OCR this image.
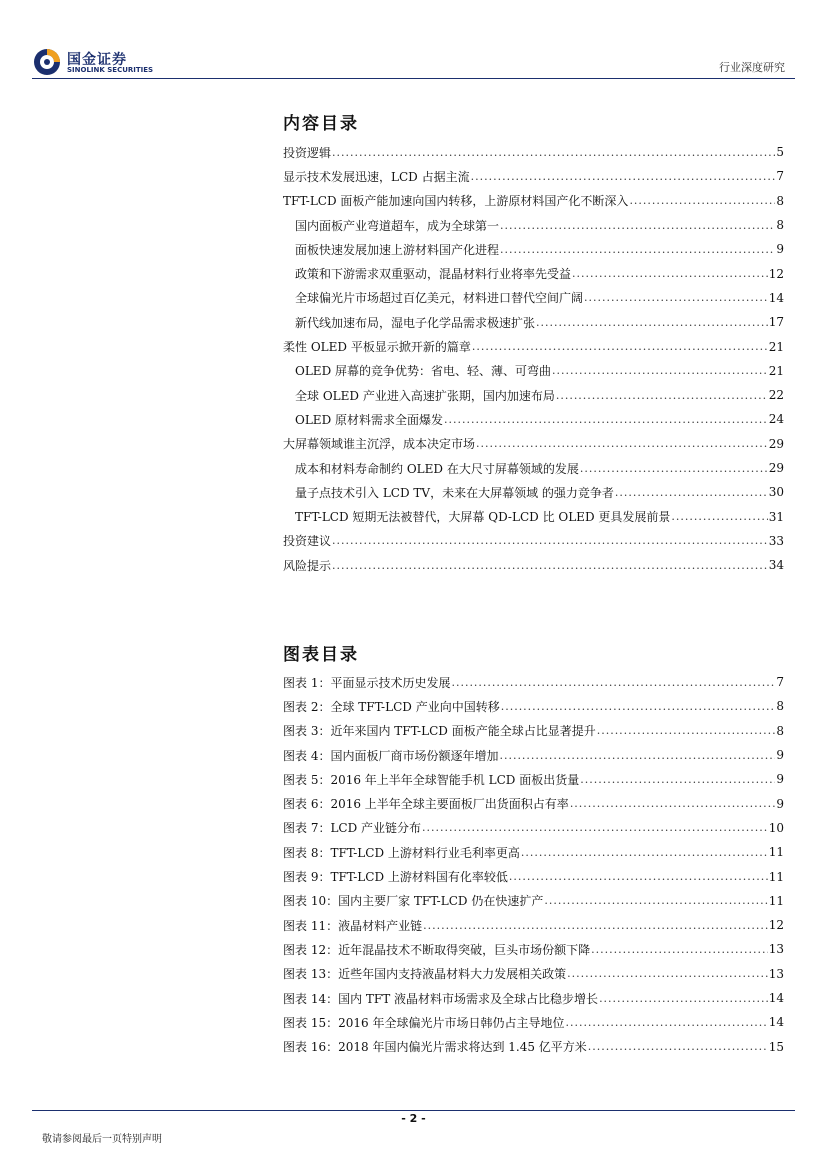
国金证券
SINOLINK SECURITIES	行业深度研究
内容目录
投资逻辑 .....	5
显示技术发展迅速，LCD 占据主流 .....	7
TFT-LCD 面板产能加速向国内转移，上游原材料国产化不断深入 .....	8
国内面板产业弯道超车，成为全球第一 .....	8
面板快速发展加速上游材料国产化进程 .....	9
政策和下游需求双重驱动，混晶材料行业将率先受益 .....	12
全球偏光片市场超过百亿美元，材料进口替代空间广阔 .....	14
新代线加速布局，湿电子化学品需求极速扩张 .....	17
柔性 OLED 平板显示掀开新的篇章 .....	21
OLED 屏幕的竞争优势：省电、轻、薄、可弯曲 .....	21
全球 OLED 产业进入高速扩张期，国内加速布局 .....	22
OLED 原材料需求全面爆发 .....	24
大屏幕领域谁主沉浮，成本决定市场 .....	29
成本和材料寿命制约 OLED 在大尺寸屏幕领域的发展 .....	29
量子点技术引入 LCD TV，未来在大屏幕领域 的强力竞争者 .....	30
TFT-LCD 短期无法被替代，大屏幕 QD-LCD 比 OLED 更具发展前景 .....	31
投资建议 .....	33
风险提示 .....	34
图表目录
图表 1：平面显示技术历史发展 .....	7
图表 2：全球 TFT-LCD 产业向中国转移 .....	8
图表 3：近年来国内 TFT-LCD 面板产能全球占比显著提升 .....	8
图表 4：国内面板厂商市场份额逐年增加 .....	9
图表 5：2016 年上半年全球智能手机 LCD 面板出货量 .....	9
图表 6：2016 上半年全球主要面板厂出货面积占有率 .....	9
图表 7：LCD 产业链分布 .....	10
图表 8：TFT-LCD 上游材料行业毛利率更高 .....	11
图表 9：TFT-LCD 上游材料国有化率较低 .....	11
图表 10：国内主要厂家 TFT-LCD 仍在快速扩产 .....	11
图表 11：液晶材料产业链 .....	12
图表 12：近年混晶技术不断取得突破，巨头市场份额下降 .....	13
图表 13：近些年国内支持液晶材料大力发展相关政策 .....	13
图表 14：国内 TFT 液晶材料市场需求及全球占比稳步增长 .....	14
图表 15：2016 年全球偏光片市场日韩仍占主导地位 .....	14
图表 16：2018 年国内偏光片需求将达到 1.45 亿平方米 .....	15
- 2 -
敬请参阅最后一页特别声明
